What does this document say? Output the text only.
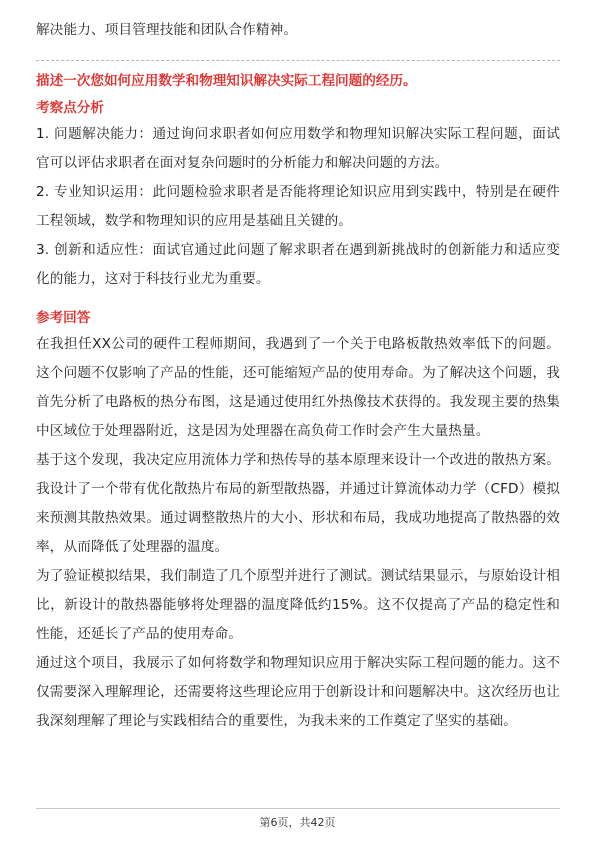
解决能力、项目管理技能和团队合作精神。

描述一次您如何应用数学和物理知识解决实际工程问题的经历。

考察点分析

1. 问题解决能力：通过询问求职者如何应用数学和物理知识解决实际工程问题，面试官可以评估求职者在面对复杂问题时的分析能力和解决问题的方法。

2. 专业知识运用：此问题检验求职者是否能将理论知识应用到实践中，特别是在硬件工程领域，数学和物理知识的应用是基础且关键的。

3. 创新和适应性：面试官通过此问题了解求职者在遇到新挑战时的创新能力和适应变化的能力，这对于科技行业尤为重要。

参考回答

在我担任XX公司的硬件工程师期间，我遇到了一个关于电路板散热效率低下的问题。这个问题不仅影响了产品的性能，还可能缩短产品的使用寿命。为了解决这个问题，我首先分析了电路板的热分布图，这是通过使用红外热像技术获得的。我发现主要的热集中区域位于处理器附近，这是因为处理器在高负荷工作时会产生大量热量。

基于这个发现，我决定应用流体力学和热传导的基本原理来设计一个改进的散热方案。我设计了一个带有优化散热片布局的新型散热器，并通过计算流体动力学（CFD）模拟来预测其散热效果。通过调整散热片的大小、形状和布局，我成功地提高了散热器的效率，从而降低了处理器的温度。

为了验证模拟结果，我们制造了几个原型并进行了测试。测试结果显示，与原始设计相比，新设计的散热器能够将处理器的温度降低约15%。这不仅提高了产品的稳定性和性能，还延长了产品的使用寿命。

通过这个项目，我展示了如何将数学和物理知识应用于解决实际工程问题的能力。这不仅需要深入理解理论，还需要将这些理论应用于创新设计和问题解决中。这次经历也让我深刻理解了理论与实践相结合的重要性，为我未来的工作奠定了坚实的基础。

第6页，共42页
